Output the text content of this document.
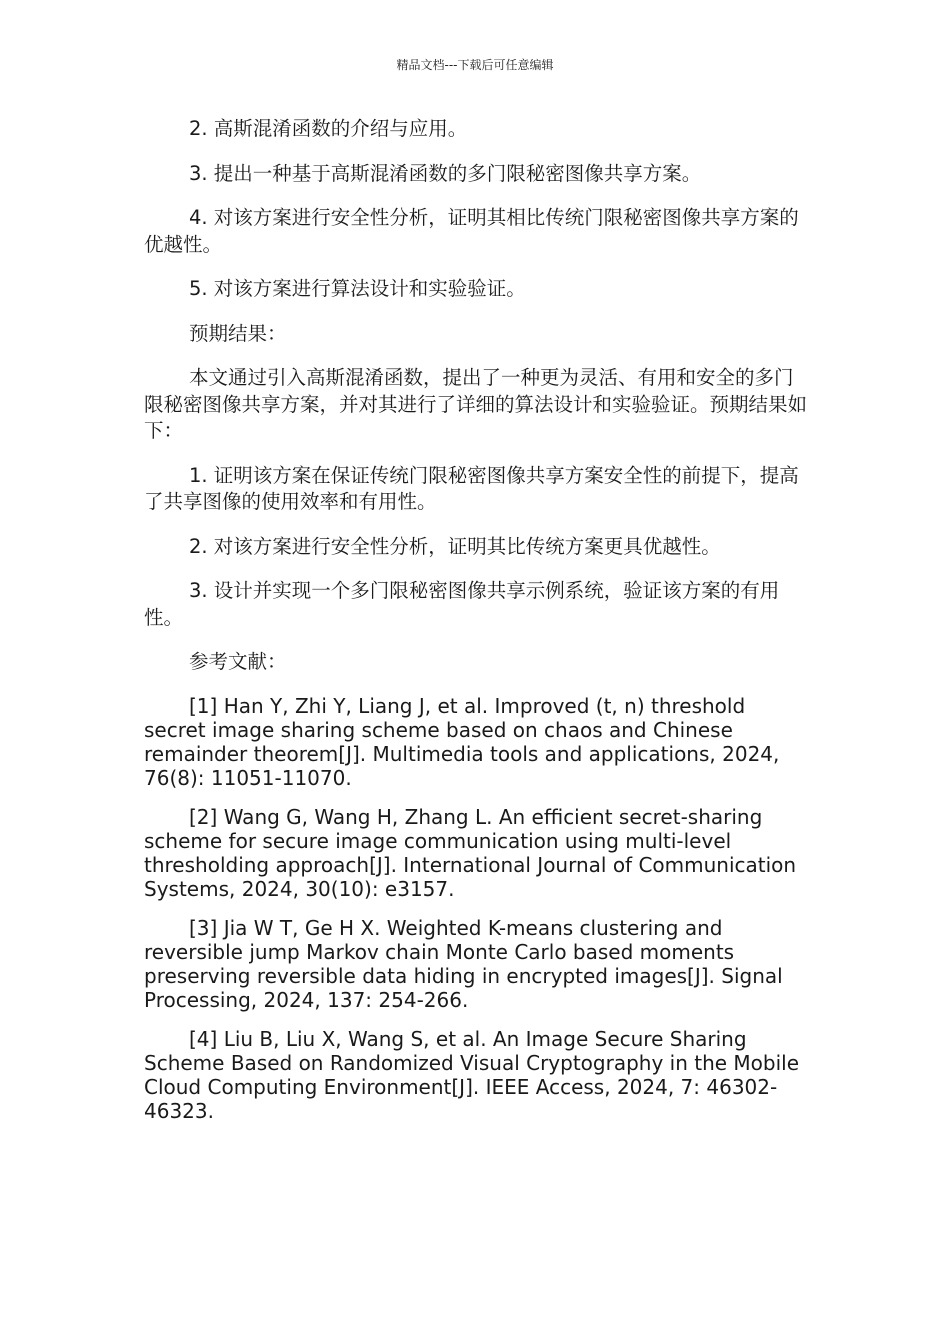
精品文档---下载后可任意编辑

2. 高斯混淆函数的介绍与应用。

3. 提出一种基于高斯混淆函数的多门限秘密图像共享方案。

4. 对该方案进行安全性分析，证明其相比传统门限秘密图像共享方案的优越性。

5. 对该方案进行算法设计和实验验证。

预期结果：

本文通过引入高斯混淆函数，提出了一种更为灵活、有用和安全的多门限秘密图像共享方案，并对其进行了详细的算法设计和实验验证。预期结果如下：

1. 证明该方案在保证传统门限秘密图像共享方案安全性的前提下，提高了共享图像的使用效率和有用性。

2. 对该方案进行安全性分析，证明其比传统方案更具优越性。

3. 设计并实现一个多门限秘密图像共享示例系统，验证该方案的有用性。

参考文献：

[1] Han Y, Zhi Y, Liang J, et al. Improved (t, n) threshold secret image sharing scheme based on chaos and Chinese remainder theorem[J]. Multimedia tools and applications, 2024, 76(8): 11051-11070.

[2] Wang G, Wang H, Zhang L. An efficient secret-sharing scheme for secure image communication using multi-level thresholding approach[J]. International Journal of Communication Systems, 2024, 30(10): e3157.

[3] Jia W T, Ge H X. Weighted K-means clustering and reversible jump Markov chain Monte Carlo based moments preserving reversible data hiding in encrypted images[J]. Signal Processing, 2024, 137: 254-266.

[4] Liu B, Liu X, Wang S, et al. An Image Secure Sharing Scheme Based on Randomized Visual Cryptography in the Mobile Cloud Computing Environment[J]. IEEE Access, 2024, 7: 46302-46323.
